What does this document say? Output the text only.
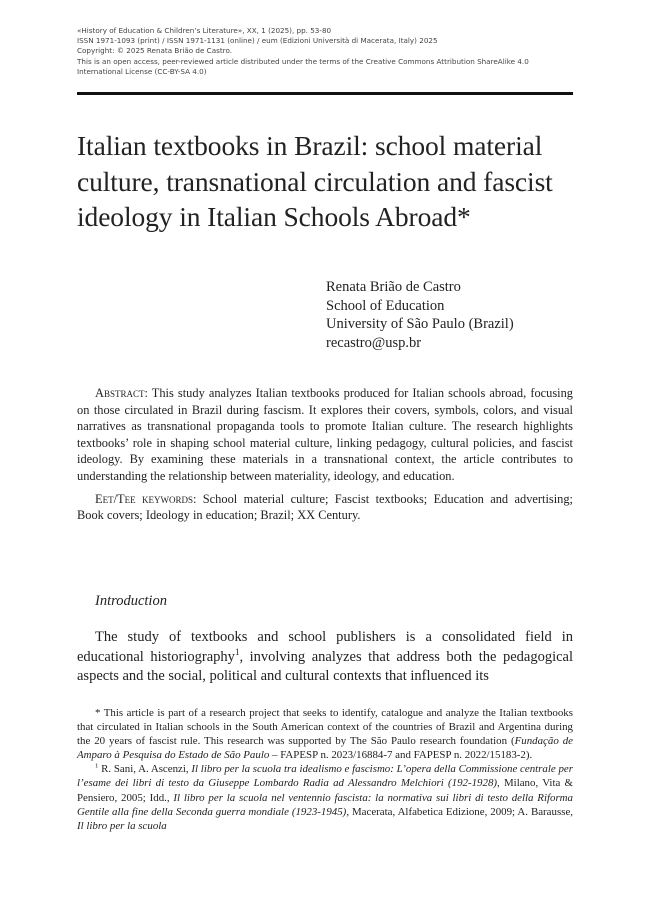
«History of Education & Children’s Literature», XX, 1 (2025), pp. 53-80
ISSN 1971-1093 (print) / ISSN 1971-1131 (online) / eum (Edizioni Università di Macerata, Italy) 2025
Copyright: © 2025 Renata Brião de Castro.
This is an open access, peer-reviewed article distributed under the terms of the Creative Commons Attribution ShareAlike 4.0
International License (CC-BY-SA 4.0)
Italian textbooks in Brazil: school material culture, transnational circulation and fascist ideology in Italian Schools Abroad*
Renata Brião de Castro
School of Education
University of São Paulo (Brazil)
recastro@usp.br

Abstract: This study analyzes Italian textbooks produced for Italian schools abroad, focusing on those circulated in Brazil during fascism. It explores their covers, symbols, colors, and visual narratives as transnational propaganda tools to promote Italian culture. The research highlights textbooks’ role in shaping school material culture, linking pedagogy, cultural policies, and fascist ideology. By examining these materials in a transnational context, the article contributes to understanding the relationship between materiality, ideology, and education.

Eet/Tee keywords: School material culture; Fascist textbooks; Education and advertising; Book covers; Ideology in education; Brazil; XX Century.

Introduction

The study of textbooks and school publishers is a consolidated field in educational historiography$^1$, involving analyzes that address both the pedagogical aspects and the social, political and cultural contexts that influenced its

* This article is part of a research project that seeks to identify, catalogue and analyze the Italian textbooks that circulated in Italian schools in the South American context of the countries of Brazil and Argentina during the 20 years of fascist rule. This research was supported by The São Paulo research foundation (Fundação de Amparo à Pesquisa do Estado de São Paulo – FAPESP n. 2023/16884-7 and FAPESP n. 2022/15183-2).

$^1$ R. Sani, A. Ascenzi, Il libro per la scuola tra idealismo e fascismo: L’opera della Commissione centrale per l’esame dei libri di testo da Giuseppe Lombardo Radia ad Alessandro Melchiori (192-1928), Milano, Vita & Pensiero, 2005; Idd., Il libro per la scuola nel ventennio fascista: la normativa sui libri di testo della Riforma Gentile alla fine della Seconda guerra mondiale (1923-1945), Macerata, Alfabetica Edizione, 2009; A. Barausse, Il libro per la scuola
